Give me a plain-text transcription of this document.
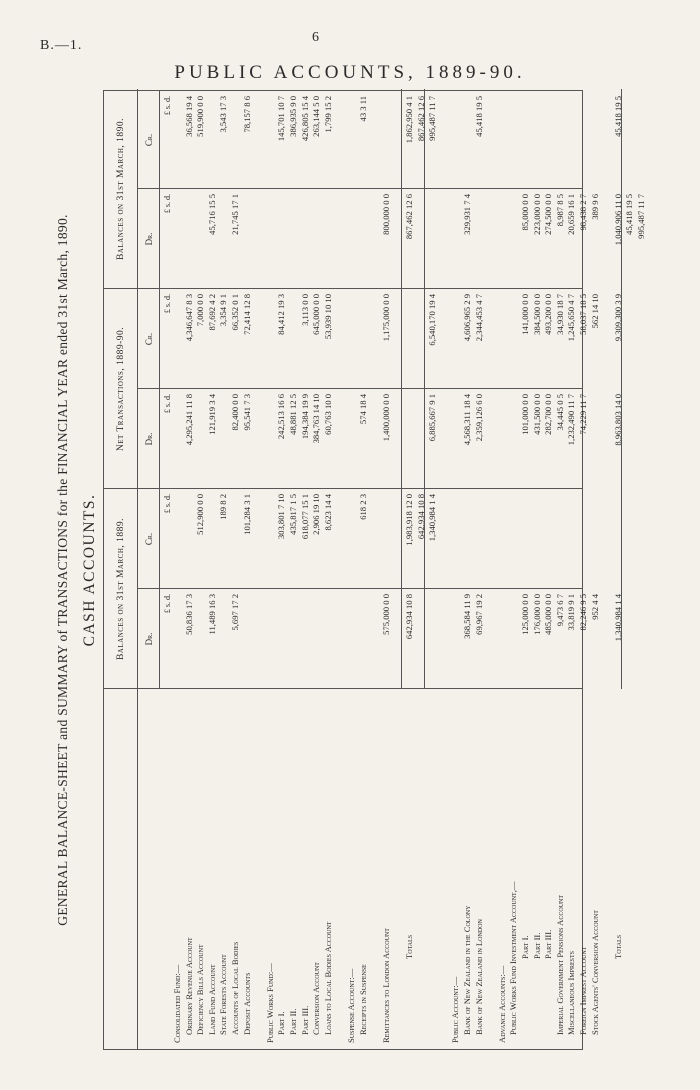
B.—1.
6
PUBLIC ACCOUNTS, 1889-90.
GENERAL BALANCE-SHEET and SUMMARY of TRANSACTIONS for the FINANCIAL YEAR ended 31st March, 1890. CASH ACCOUNTS.	Balances on 31st March, 1889.
Net Transactions, 1889-90.
Balances on 31st March, 1890.
Dr.
Cr.
Dr.
Cr.
Dr.
Cr.
£ s. d.
£ s. d.
£ s. d.
£ s. d.
£ s. d.
£ s. d.
Consolidated Fund:— Ordinary Revenue Account
50,836 17 3
4,295,241 11 8
4,346,647 8 3
36,568 19 4
Deficiency Bills Account
512,900 0 0
7,000 0 0
519,900 0 0
Land Fund Account
11,489 16 3
121,919 3 4
87,692 4 2
45,716 15 5
State Forests Account
189 8 2
3,354 9 1
3,543 17 3
Accounts of Local Bodies
5,697 17 2
82,400 0 0
66,352 0 1
21,745 17 1
Deposit Accounts
101,284 3 1
95,541 7 3
72,414 12 8
78,157 8 6
Public Works Fund:— Part I.
303,801 7 10
242,513 16 6
84,412 19 3
145,701 10 7
Part II.
435,817 1 5
48,881 12 5
386,935 9 0
Part III.
618,077 15 1
194,384 19 9
3,113 0 0
426,805 15 4
Conversion Account
2,906 19 10
384,763 14 10
645,000 0 0
263,144 5 0
Loans to Local Bodies Account
8,623 14 4
60,763 10 0
53,939 10 10
1,799 15 2
Suspense Account:— Receipts in Suspense
618 2 3
574 18 4
43 3 11
Remittances to London Account
575,000 0 0
1,400,000 0 0
1,175,000 0 0
800,000 0 0
Totals
642,934 10 8
1,983,918 12 0
867,462 12 6
1,862,950 4 1
642,934 10 8
867,462 12 6
1,340,984 1 4
6,885,667 9 1
6,540,170 19 4
995,487 11 7
Public Account:— Bank of New Zealand in the Colony
368,584 11 9
4,568,311 18 4
4,606,965 2 9
329,931 7 4
Bank of New Zealand in London
69,967 19 2
2,359,126 6 0
2,344,453 4 7
45,418 19 5
Advance Accounts:— Public Works Fund Investment Account,— Part I.
125,000 0 0
101,000 0 0
141,000 0 0
85,000 0 0
Part II.
176,000 0 0
431,500 0 0
384,500 0 0
223,000 0 0
Part III.
485,000 0 0
282,700 0 0
493,200 0 0
274,500 0 0
Imperial Government Pensions Account
9,473 6 7
34,445 0 5
34,930 18 7
8,987 8 5
Miscellaneous Imprests
33,819 9 1
1,232,490 11 7
1,245,650 4 7
20,659 16 1
Foreign Imprest Account
82,246 9 5
74,229 11 7
58,037 18 5
98,438 2 7
Stock Agents' Conversion Account
952 4 4
562 14 10
389 9 6
Totals
1,340,984 1 4
8,963,803 14 0
9,309,300 3 9
1,040,906 11 0
45,418 19 5
45,418 19 5 995,487 11 7
